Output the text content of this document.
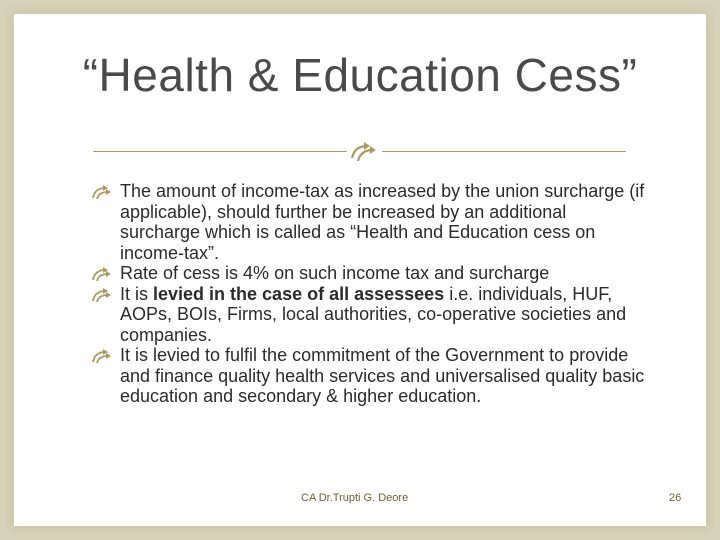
“Health & Education Cess”
The amount of income-tax as increased by the union surcharge (if applicable), should further be increased by an additional surcharge which is called as “Health and Education cess on income-tax”.
Rate of cess is 4% on such income tax and surcharge
It is levied in the case of all assessees i.e. individuals, HUF, AOPs, BOIs, Firms, local authorities, co-operative societies and companies.
It is levied to fulfil the commitment of the Government to provide and finance quality health services and universalised quality basic education and secondary & higher education.
CA Dr.Trupti G. Deore	26
